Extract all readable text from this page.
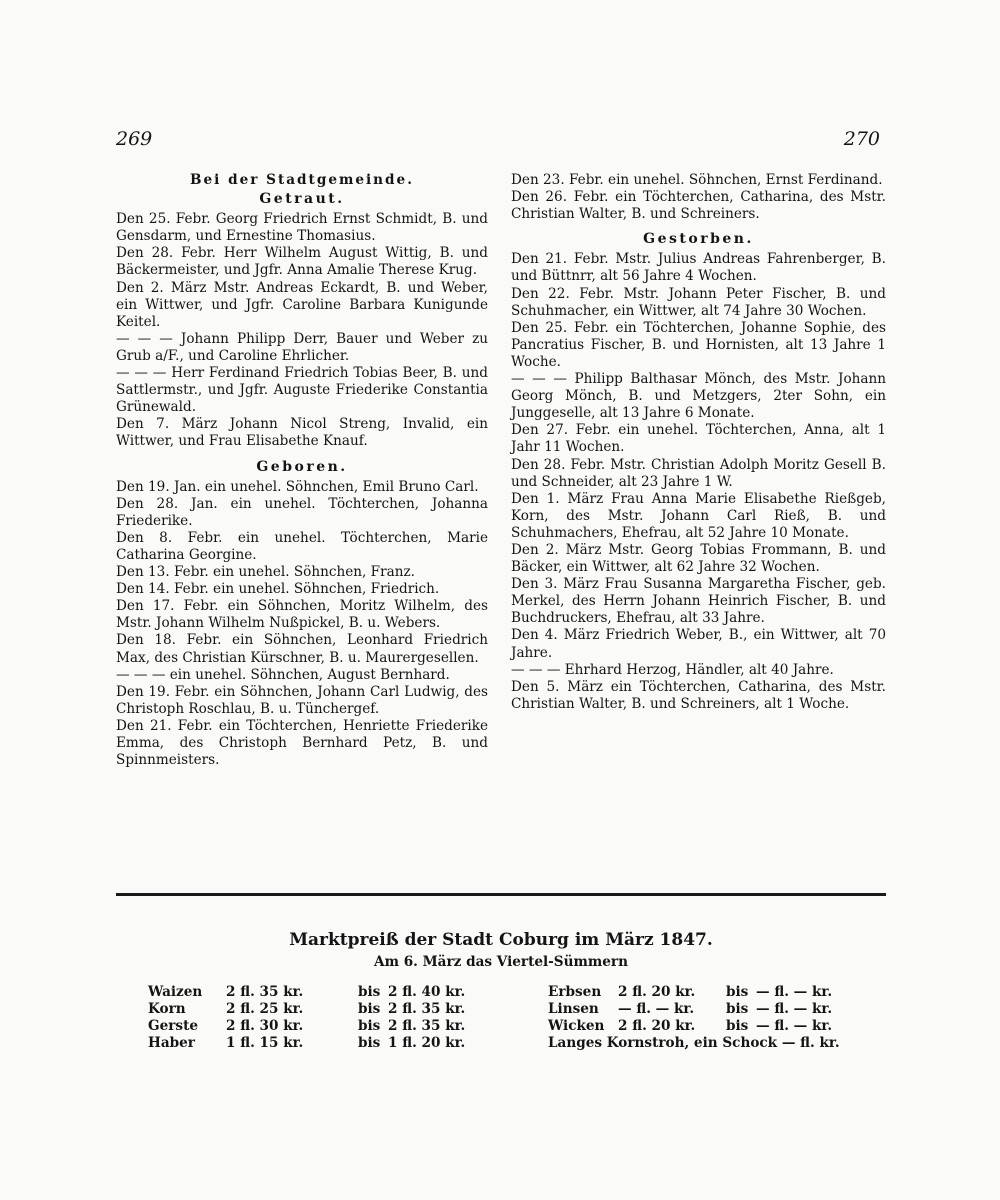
269	270
Bei der Stadtgemeinde.
Getraut.

Den 25. Febr. Georg Friedrich Ernst Schmidt, B. und Gensdarm, und Ernestine Thomasius.

Den 28. Febr. Herr Wilhelm August Wittig, B. und Bäckermeister, und Jgfr. Anna Amalie Therese Krug.

Den 2. März Mstr. Andreas Eckardt, B. und Weber, ein Wittwer, und Jgfr. Caroline Barbara Kunigunde Keitel.

— — — Johann Philipp Derr, Bauer und Weber zu Grub a/F., und Caroline Ehrlicher.

— — — Herr Ferdinand Friedrich Tobias Beer, B. und Sattlermstr., und Jgfr. Auguste Friederike Constantia Grünewald.

Den 7. März Johann Nicol Streng, Invalid, ein Wittwer, und Frau Elisabethe Knauf.

Geboren.

Den 19. Jan. ein unehel. Söhnchen, Emil Bruno Carl.

Den 28. Jan. ein unehel. Töchterchen, Johanna Friederike.

Den 8. Febr. ein unehel. Töchterchen, Marie Catharina Georgine.

Den 13. Febr. ein unehel. Söhnchen, Franz.

Den 14. Febr. ein unehel. Söhnchen, Friedrich.

Den 17. Febr. ein Söhnchen, Moritz Wilhelm, des Mstr. Johann Wilhelm Nußpickel, B. u. Webers.

Den 18. Febr. ein Söhnchen, Leonhard Friedrich Max, des Christian Kürschner, B. u. Maurergesellen.

— — — ein unehel. Söhnchen, August Bernhard.

Den 19. Febr. ein Söhnchen, Johann Carl Ludwig, des Christoph Roschlau, B. u. Tünchergef.

Den 21. Febr. ein Töchterchen, Henriette Friederike Emma, des Christoph Bernhard Petz, B. und Spinnmeisters.

Den 23. Febr. ein unehel. Söhnchen, Ernst Ferdinand.

Den 26. Febr. ein Töchterchen, Catharina, des Mstr. Christian Walter, B. und Schreiners.

Gestorben.

Den 21. Febr. Mstr. Julius Andreas Fahrenberger, B. und Büttnrr, alt 56 Jahre 4 Wochen.

Den 22. Febr. Mstr. Johann Peter Fischer, B. und Schuhmacher, ein Wittwer, alt 74 Jahre 30 Wochen.

Den 25. Febr. ein Töchterchen, Johanne Sophie, des Pancratius Fischer, B. und Hornisten, alt 13 Jahre 1 Woche.

— — — Philipp Balthasar Mönch, des Mstr. Johann Georg Mönch, B. und Metzgers, 2ter Sohn, ein Junggeselle, alt 13 Jahre 6 Monate.

Den 27. Febr. ein unehel. Töchterchen, Anna, alt 1 Jahr 11 Wochen.

Den 28. Febr. Mstr. Christian Adolph Moritz Gesell B. und Schneider, alt 23 Jahre 1 W.

Den 1. März Frau Anna Marie Elisabethe Rießgeb, Korn, des Mstr. Johann Carl Rieß, B. und Schuhmachers, Ehefrau, alt 52 Jahre 10 Monate.

Den 2. März Mstr. Georg Tobias Frommann, B. und Bäcker, ein Wittwer, alt 62 Jahre 32 Wochen.

Den 3. März Frau Susanna Margaretha Fischer, geb. Merkel, des Herrn Johann Heinrich Fischer, B. und Buchdruckers, Ehefrau, alt 33 Jahre.

Den 4. März Friedrich Weber, B., ein Wittwer, alt 70 Jahre.

— — — Ehrhard Herzog, Händler, alt 40 Jahre.

Den 5. März ein Töchterchen, Catharina, des Mstr. Christian Walter, B. und Schreiners, alt 1 Woche.

Marktpreiß der Stadt Coburg im März 1847.
Am 6. März das Viertel-Sümmern
Waizen	2 fl. 35 kr.	bis 2 fl. 40 kr.
Korn	2 fl. 25 kr.	bis 2 fl. 35 kr.
Gerste	2 fl. 30 kr.	bis 2 fl. 35 kr.
Haber	1 fl. 15 kr.	bis 1 fl. 20 kr.
Erbsen	2 fl. 20 kr.	bis — fl. — kr.
Linsen	— fl. — kr.	bis — fl. — kr.
Wicken 2 fl. 20 kr.	bis — fl. — kr.
Langes Kornstroh, ein Schock — fl. kr.
